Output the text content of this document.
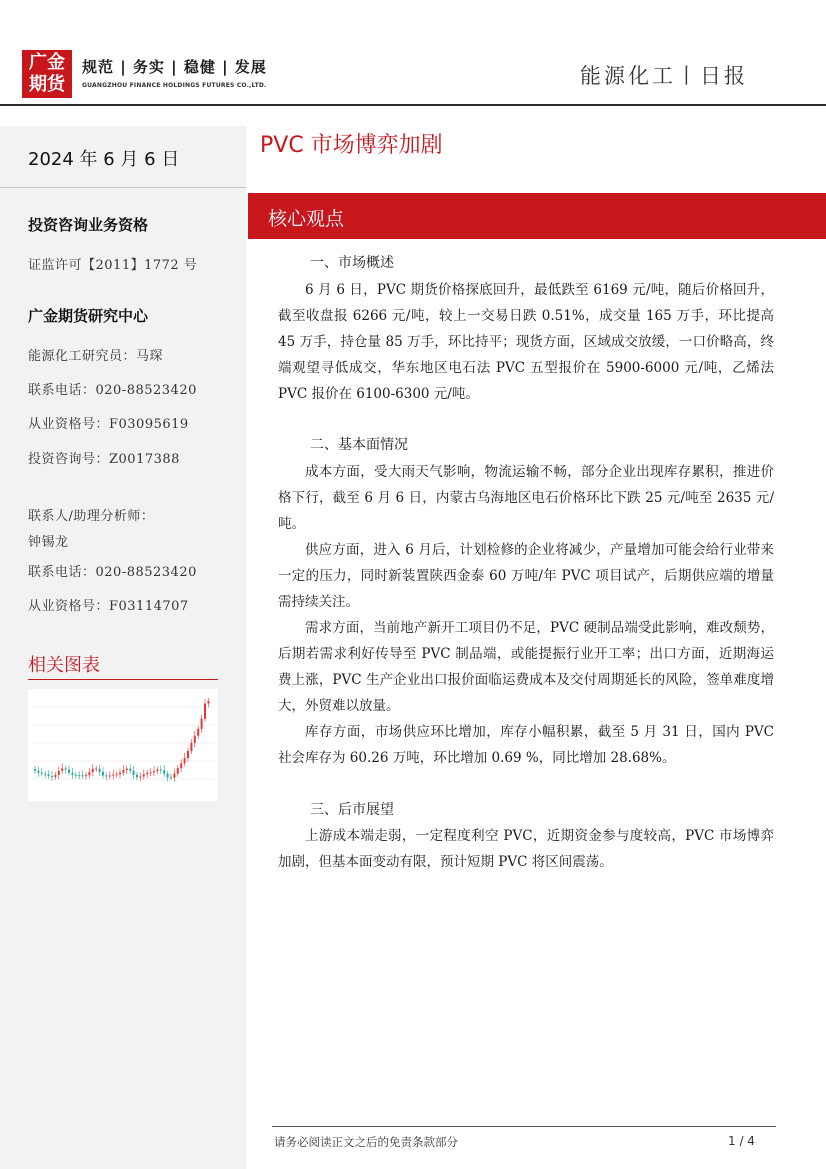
广金
期货
规范 | 务实 | 稳健 | 发展
GUANGZHOU FINANCE HOLDINGS FUTURES CO.,LTD.	能源化工丨日报
2024 年 6 月 6 日
投资咨询业务资格
证监许可【2011】1772 号
广金期货研究中心
能源化工研究员：马琛
联系电话：020-88523420
从业资格号：F03095619
投资咨询号：Z0017388
联系人/助理分析师：
钟锡龙
联系电话：020-88523420
从业资格号：F03114707
相关图表
PVC 市场博弈加剧
核心观点
一、市场概述

6 月 6 日，PVC 期货价格探底回升，最低跌至 6169 元/吨，随后价格回升，截至收盘报 6266 元/吨，较上一交易日跌 0.51%，成交量 165 万手，环比提高 45 万手，持仓量 85 万手，环比持平；现货方面，区域成交放缓，一口价略高，终端观望寻低成交，华东地区电石法 PVC 五型报价在 5900-6000 元/吨，乙烯法 PVC 报价在 6100-6300 元/吨。

二、基本面情况

成本方面，受大雨天气影响，物流运输不畅，部分企业出现库存累积，推进价格下行，截至 6 月 6 日，内蒙古乌海地区电石价格环比下跌 25 元/吨至 2635 元/吨。

供应方面，进入 6 月后，计划检修的企业将减少，产量增加可能会给行业带来一定的压力，同时新装置陕西金泰 60 万吨/年 PVC 项目试产，后期供应端的增量需持续关注。

需求方面，当前地产新开工项目仍不足，PVC 硬制品端受此影响，难改颓势，后期若需求利好传导至 PVC 制品端，或能提振行业开工率；出口方面，近期海运费上涨，PVC 生产企业出口报价面临运费成本及交付周期延长的风险，签单难度增大，外贸难以放量。

库存方面，市场供应环比增加，库存小幅积累，截至 5 月 31 日，国内 PVC 社会库存为 60.26 万吨，环比增加 0.69 %，同比增加 28.68%。

三、后市展望

上游成本端走弱，一定程度利空 PVC，近期资金参与度较高，PVC 市场博弈加剧，但基本面变动有限，预计短期 PVC 将区间震荡。

请务必阅读正文之后的免责条款部分	1 / 4
